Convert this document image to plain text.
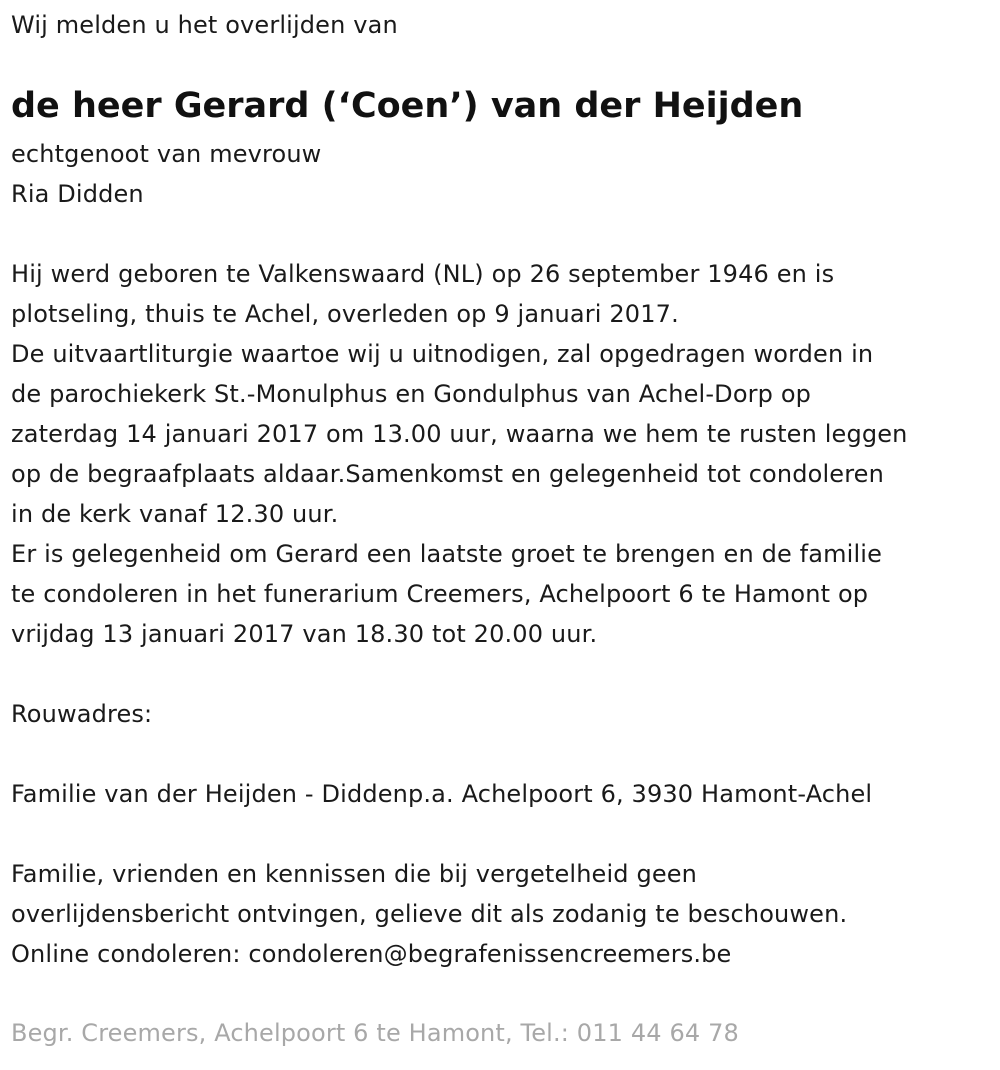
Wij melden u het overlijden van
de heer Gerard (‘Coen’) van der Heijden
echtgenoot van mevrouw
Ria Didden
Hij werd geboren te Valkenswaard (NL) op 26 september 1946 en is
plotseling, thuis te Achel, overleden op 9 januari 2017.
De uitvaartliturgie waartoe wij u uitnodigen, zal opgedragen worden in
de parochiekerk St.-Monulphus en Gondulphus van Achel-Dorp op
zaterdag 14 januari 2017 om 13.00 uur, waarna we hem te rusten leggen
op de begraafplaats aldaar.Samenkomst en gelegenheid tot condoleren
in de kerk vanaf 12.30 uur.
Er is gelegenheid om Gerard een laatste groet te brengen en de familie
te condoleren in het funerarium Creemers, Achelpoort 6 te Hamont op
vrijdag 13 januari 2017 van 18.30 tot 20.00 uur.
Rouwadres:
Familie van der Heijden - Diddenp.a. Achelpoort 6, 3930 Hamont-Achel
Familie, vrienden en kennissen die bij vergetelheid geen
overlijdensbericht ontvingen, gelieve dit als zodanig te beschouwen.
Online condoleren: condoleren@begrafenissencreemers.be
Begr. Creemers, Achelpoort 6 te Hamont, Tel.: 011 44 64 78
